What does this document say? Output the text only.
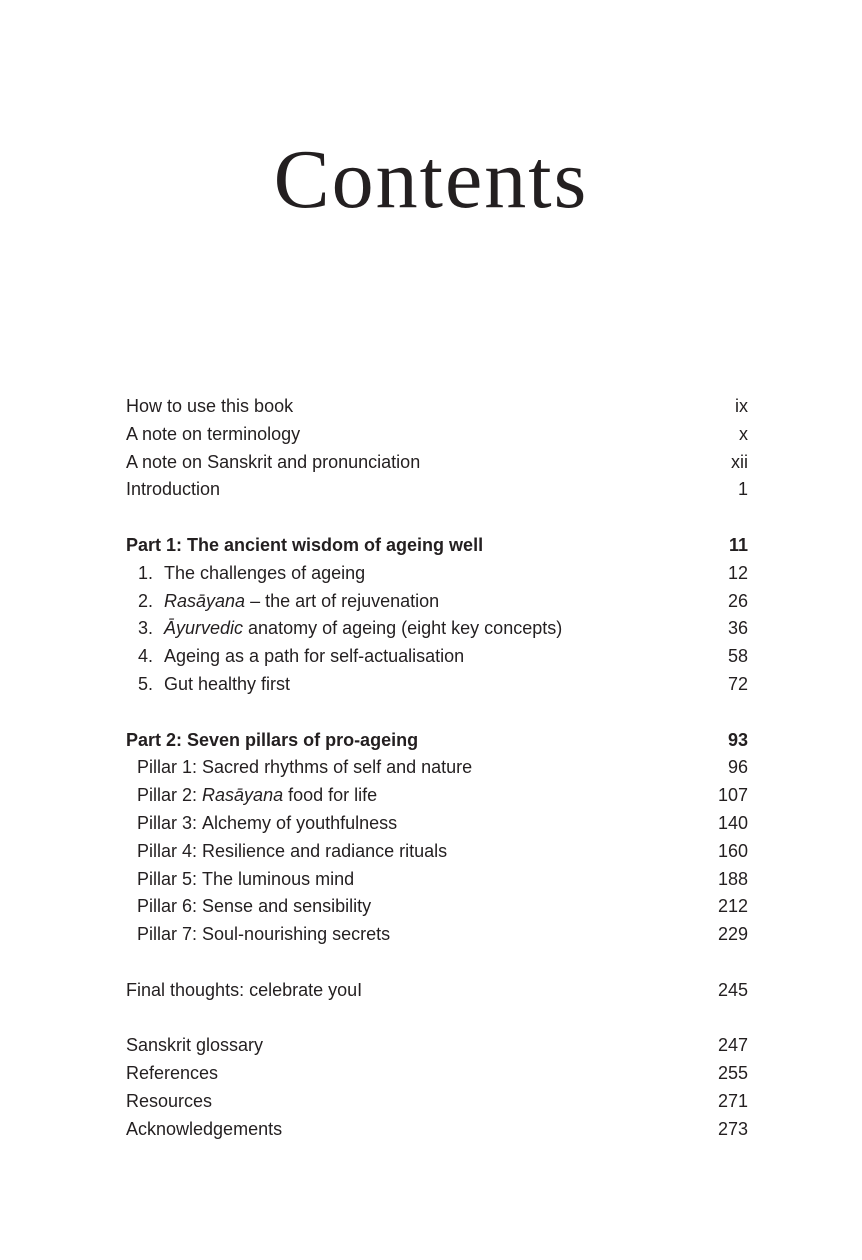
Contents
How to use this book	ix
A note on terminology	x
A note on Sanskrit and pronunciation	xii
Introduction	1
Part 1: The ancient wisdom of ageing well	11
1. The challenges of ageing	12
2. Rasāyana – the art of rejuvenation	26
3. Āyurvedic anatomy of ageing (eight key concepts)	36
4. Ageing as a path for self-actualisation	58
5. Gut healthy first	72
Part 2: Seven pillars of pro-ageing	93
Pillar 1: Sacred rhythms of self and nature	96
Pillar 2: Rasāyana food for life	107
Pillar 3: Alchemy of youthfulness	140
Pillar 4: Resilience and radiance rituals	160
Pillar 5: The luminous mind	188
Pillar 6: Sense and sensibility	212
Pillar 7: Soul-nourishing secrets	229
Final thoughts: celebrate youI	245
Sanskrit glossary	247
References	255
Resources	271
Acknowledgements	273
